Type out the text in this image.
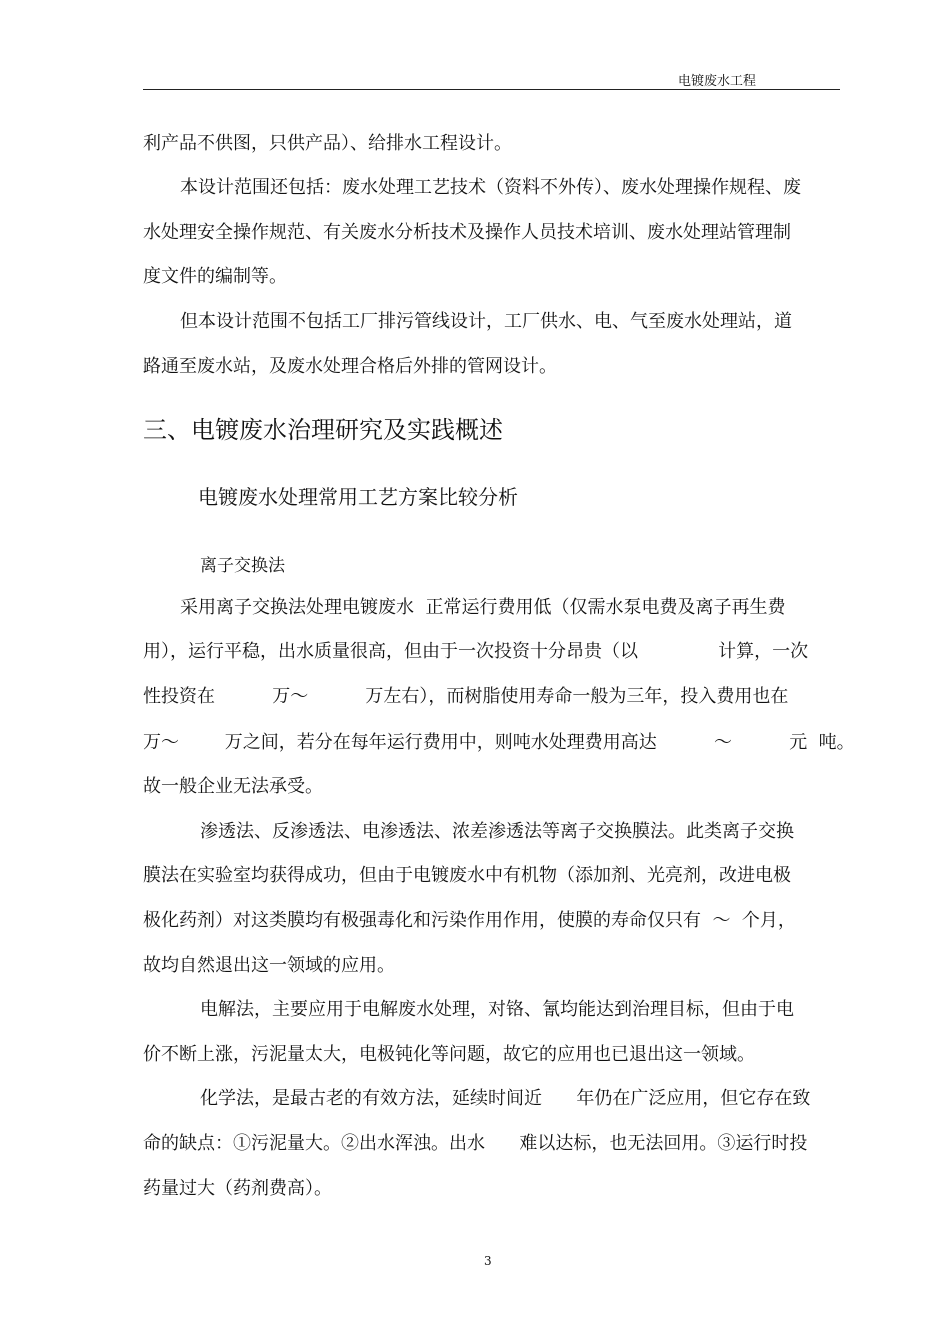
电镀废水工程
利产品不供图，只供产品）、给排水工程设计。
本设计范围还包括：废水处理工艺技术（资料不外传）、废水处理操作规程、废
水处理安全操作规范、有关废水分析技术及操作人员技术培训、废水处理站管理制
度文件的编制等。
但本设计范围不包括工厂排污管线设计，工厂供水、电、气至废水处理站，道
路通至废水站，及废水处理合格后外排的管网设计。
三、电镀废水治理研究及实践概述
电镀废水处理常用工艺方案比较分析
离子交换法
采用离子交换法处理电镀废水  正常运行费用低（仅需水泵电费及离子再生费
用），运行平稳，出水质量很高，但由于一次投资十分昂贵（以              计算，一次
性投资在          万～          万左右），而树脂使用寿命一般为三年，投入费用也在
万～        万之间，若分在每年运行费用中，则吨水处理费用高达          ～          元  吨。
故一般企业无法承受。
渗透法、反渗透法、电渗透法、浓差渗透法等离子交换膜法。此类离子交换
膜法在实验室均获得成功，但由于电镀废水中有机物（添加剂、光亮剂，改进电极
极化药剂）对这类膜均有极强毒化和污染作用作用，使膜的寿命仅只有  ～  个月，
故均自然退出这一领域的应用。
电解法，主要应用于电解废水处理，对铬、氰均能达到治理目标，但由于电
价不断上涨，污泥量太大，电极钝化等问题，故它的应用也已退出这一领域。
化学法，是最古老的有效方法，延续时间近      年仍在广泛应用，但它存在致
命的缺点：①污泥量大。②出水浑浊。出水      难以达标，也无法回用。③运行时投
药量过大（药剂费高）。
3
